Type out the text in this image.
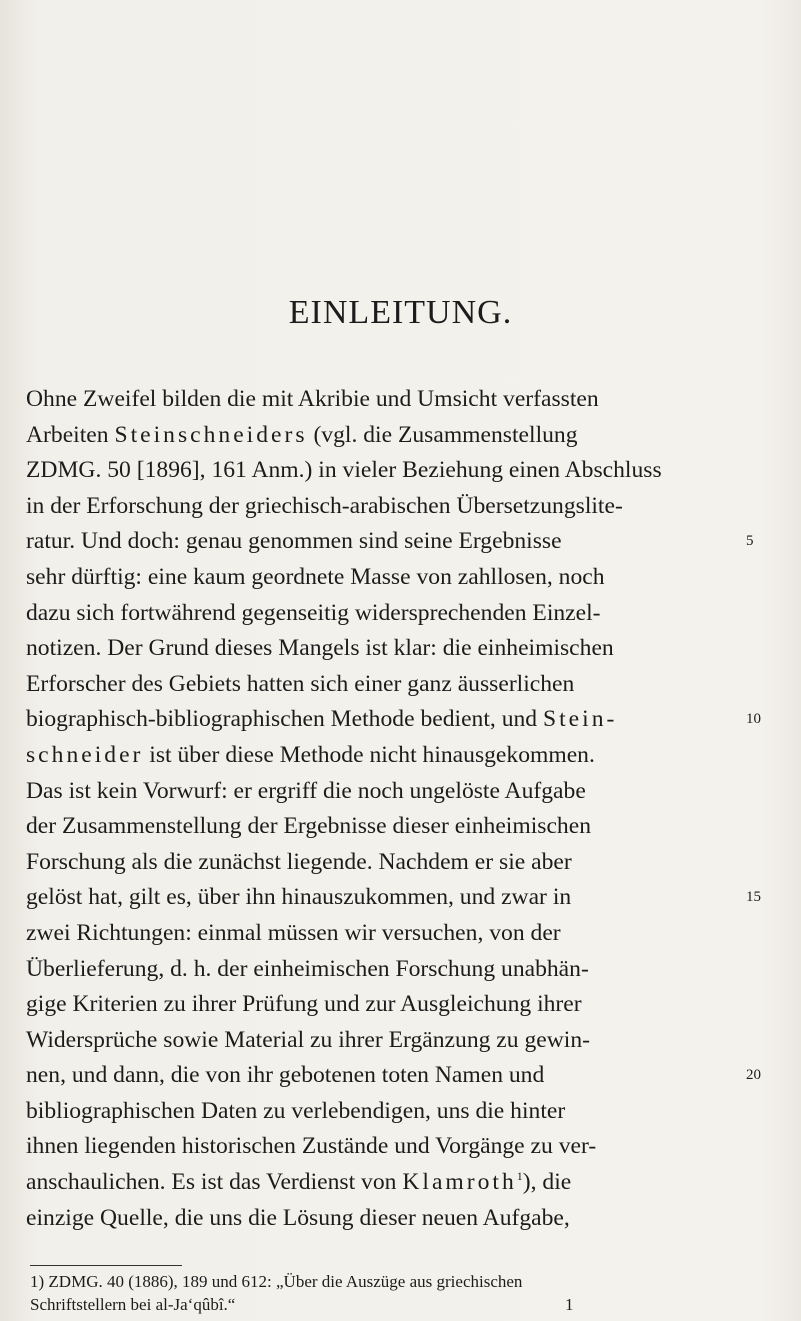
EINLEITUNG.
Ohne Zweifel bilden die mit Akribie und Umsicht verfassten
Arbeiten Steinschneiders (vgl. die Zusammenstellung
ZDMG. 50 [1896], 161 Anm.) in vieler Beziehung einen Abschluss
in der Erforschung der griechisch-arabischen Übersetzungslite-
ratur. Und doch: genau genommen sind seine Ergebnisse	5
sehr dürftig: eine kaum geordnete Masse von zahllosen, noch
dazu sich fortwährend gegenseitig widersprechenden Einzel-
notizen. Der Grund dieses Mangels ist klar: die einheimischen
Erforscher des Gebiets hatten sich einer ganz äusserlichen
biographisch-bibliographischen Methode bedient, und Stein-	10
schneider ist über diese Methode nicht hinausgekommen.
Das ist kein Vorwurf: er ergriff die noch ungelöste Aufgabe
der Zusammenstellung der Ergebnisse dieser einheimischen
Forschung als die zunächst liegende. Nachdem er sie aber
gelöst hat, gilt es, über ihn hinauszukommen, und zwar in	15
zwei Richtungen: einmal müssen wir versuchen, von der
Überlieferung, d. h. der einheimischen Forschung unabhän-
gige Kriterien zu ihrer Prüfung und zur Ausgleichung ihrer
Widersprüche sowie Material zu ihrer Ergänzung zu gewin-
nen, und dann, die von ihr gebotenen toten Namen und	20
bibliographischen Daten zu verlebendigen, uns die hinter
ihnen liegenden historischen Zustände und Vorgänge zu ver-
anschaulichen. Es ist das Verdienst von Klamroth$^1$), die
einzige Quelle, die uns die Lösung dieser neuen Aufgabe,
1) ZDMG. 40 (1886), 189 und 612: „Über die Auszüge aus griechischen
Schriftstellern bei al-Ja‘qûbî.“	1
